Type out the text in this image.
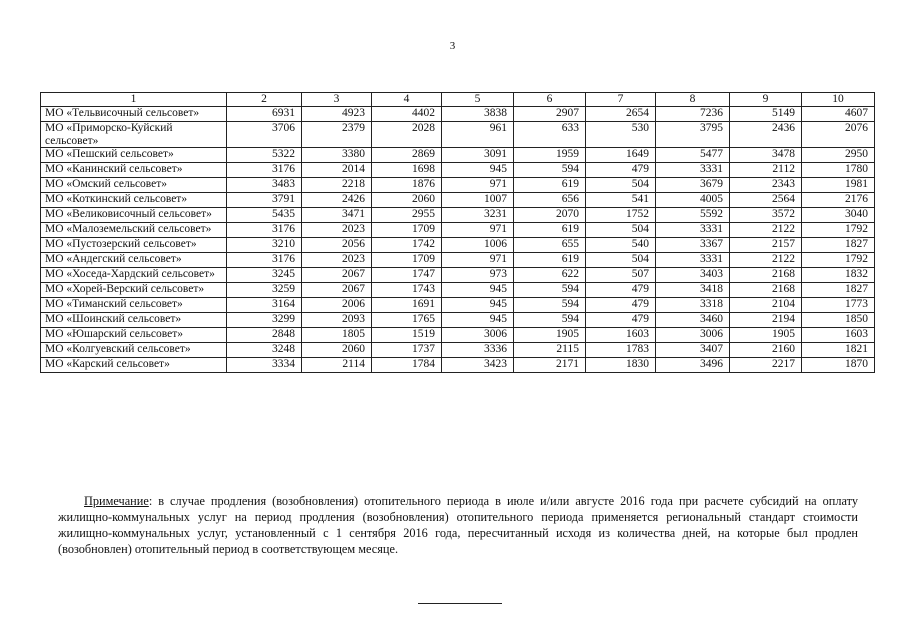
3
1	2	3	4	5	6	7	8	9	10
МО «Тельвисочный сельсовет»	6931	4923	4402	3838	2907	2654	7236	5149	4607
МО «Приморско-Куйский сельсовет»	3706	2379	2028	961	633	530	3795	2436	2076
МО «Пешский сельсовет»	5322	3380	2869	3091	1959	1649	5477	3478	2950
МО «Канинский сельсовет»	3176	2014	1698	945	594	479	3331	2112	1780
МО «Омский сельсовет»	3483	2218	1876	971	619	504	3679	2343	1981
МО «Коткинский сельсовет»	3791	2426	2060	1007	656	541	4005	2564	2176
МО «Великовисочный сельсовет»	5435	3471	2955	3231	2070	1752	5592	3572	3040
МО «Малоземельский сельсовет»	3176	2023	1709	971	619	504	3331	2122	1792
МО «Пустозерский сельсовет»	3210	2056	1742	1006	655	540	3367	2157	1827
МО «Андегский сельсовет»	3176	2023	1709	971	619	504	3331	2122	1792
МО «Хоседа-Хардский сельсовет»	3245	2067	1747	973	622	507	3403	2168	1832
МО «Хорей-Верский сельсовет»	3259	2067	1743	945	594	479	3418	2168	1827
МО «Тиманский сельсовет»	3164	2006	1691	945	594	479	3318	2104	1773
МО «Шоинский сельсовет»	3299	2093	1765	945	594	479	3460	2194	1850
МО «Юшарский сельсовет»	2848	1805	1519	3006	1905	1603	3006	1905	1603
МО «Колгуевский сельсовет»	3248	2060	1737	3336	2115	1783	3407	2160	1821
МО «Карский сельсовет»	3334	2114	1784	3423	2171	1830	3496	2217	1870
Примечание: в случае продления (возобновления) отопительного периода в июле и/или августе 2016 года при расчете субсидий на оплату жилищно-коммунальных услуг на период продления (возобновления) отопительного периода применяется региональный стандарт стоимости жилищно-коммунальных услуг, установленный с 1 сентября 2016 года, пересчитанный исходя из количества дней, на которые был продлен (возобновлен) отопительный период в соответствующем месяце.
